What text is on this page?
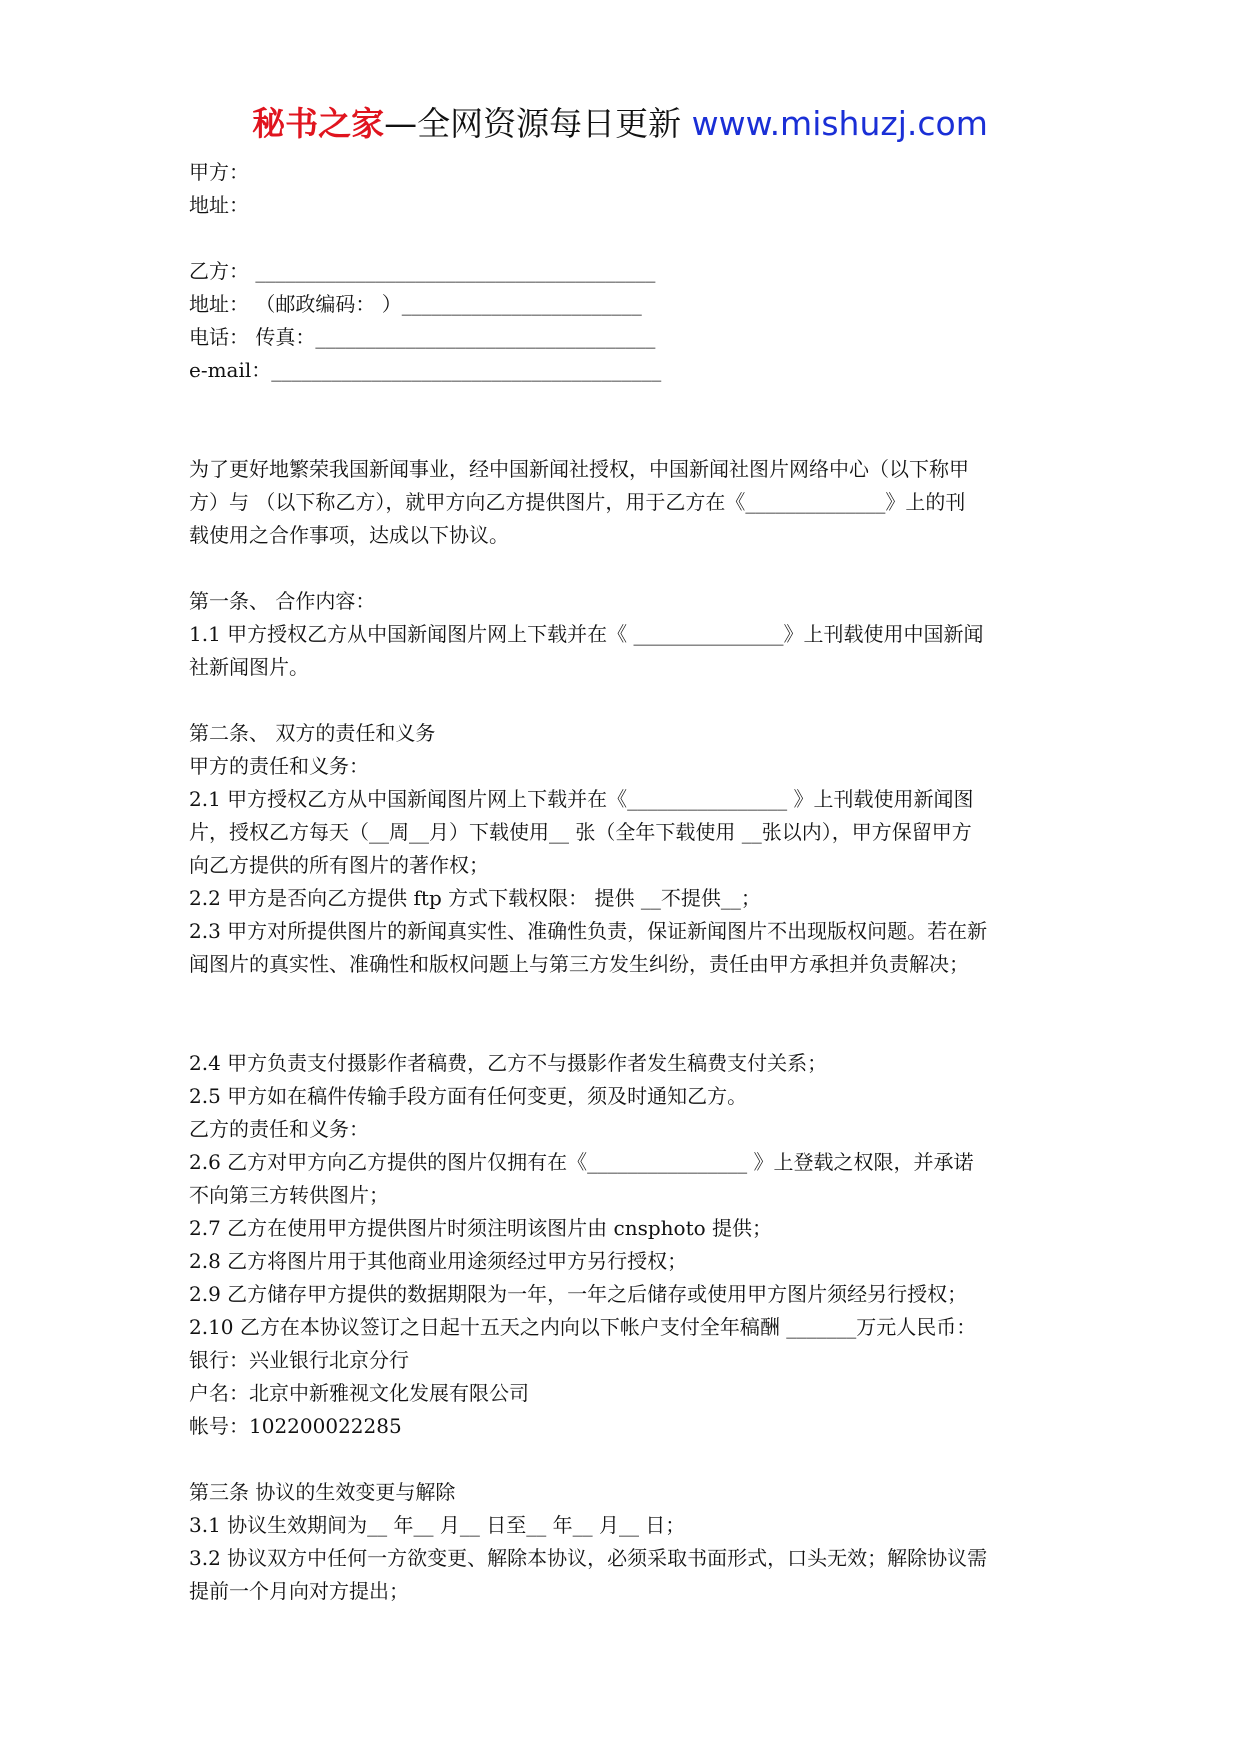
秘书之家—全网资源每日更新 www.mishuzj.com
甲方：
地址：
乙方： ________________________________________
地址： （邮政编码： ）________________________
电话： 传真：__________________________________
e-mail：_______________________________________
为了更好地繁荣我国新闻事业，经中国新闻社授权，中国新闻社图片网络中心（以下称甲
方）与 （以下称乙方），就甲方向乙方提供图片，用于乙方在《______________》上的刊
载使用之合作事项，达成以下协议。
第一条、 合作内容：
1.1 甲方授权乙方从中国新闻图片网上下载并在《 _______________》上刊载使用中国新闻
社新闻图片。
第二条、 双方的责任和义务
甲方的责任和义务：
2.1 甲方授权乙方从中国新闻图片网上下载并在《________________ 》上刊载使用新闻图
片，授权乙方每天（__周__月）下载使用__ 张（全年下载使用 __张以内），甲方保留甲方
向乙方提供的所有图片的著作权；
2.2 甲方是否向乙方提供 ftp 方式下载权限： 提供 __不提供__；
2.3 甲方对所提供图片的新闻真实性、准确性负责，保证新闻图片不出现版权问题。若在新
闻图片的真实性、准确性和版权问题上与第三方发生纠纷，责任由甲方承担并负责解决；
2.4 甲方负责支付摄影作者稿费，乙方不与摄影作者发生稿费支付关系；
2.5 甲方如在稿件传输手段方面有任何变更，须及时通知乙方。
乙方的责任和义务：
2.6 乙方对甲方向乙方提供的图片仅拥有在《________________ 》上登载之权限，并承诺
不向第三方转供图片；
2.7 乙方在使用甲方提供图片时须注明该图片由 cnsphoto 提供；
2.8 乙方将图片用于其他商业用途须经过甲方另行授权；
2.9 乙方储存甲方提供的数据期限为一年，一年之后储存或使用甲方图片须经另行授权；
2.10 乙方在本协议签订之日起十五天之内向以下帐户支付全年稿酬 _______万元人民币：
银行：兴业银行北京分行
户名：北京中新雅视文化发展有限公司
帐号：102200022285
第三条 协议的生效变更与解除
3.1 协议生效期间为__ 年__ 月__ 日至__ 年__ 月__ 日；
3.2 协议双方中任何一方欲变更、解除本协议，必须采取书面形式，口头无效；解除协议需
提前一个月向对方提出；
